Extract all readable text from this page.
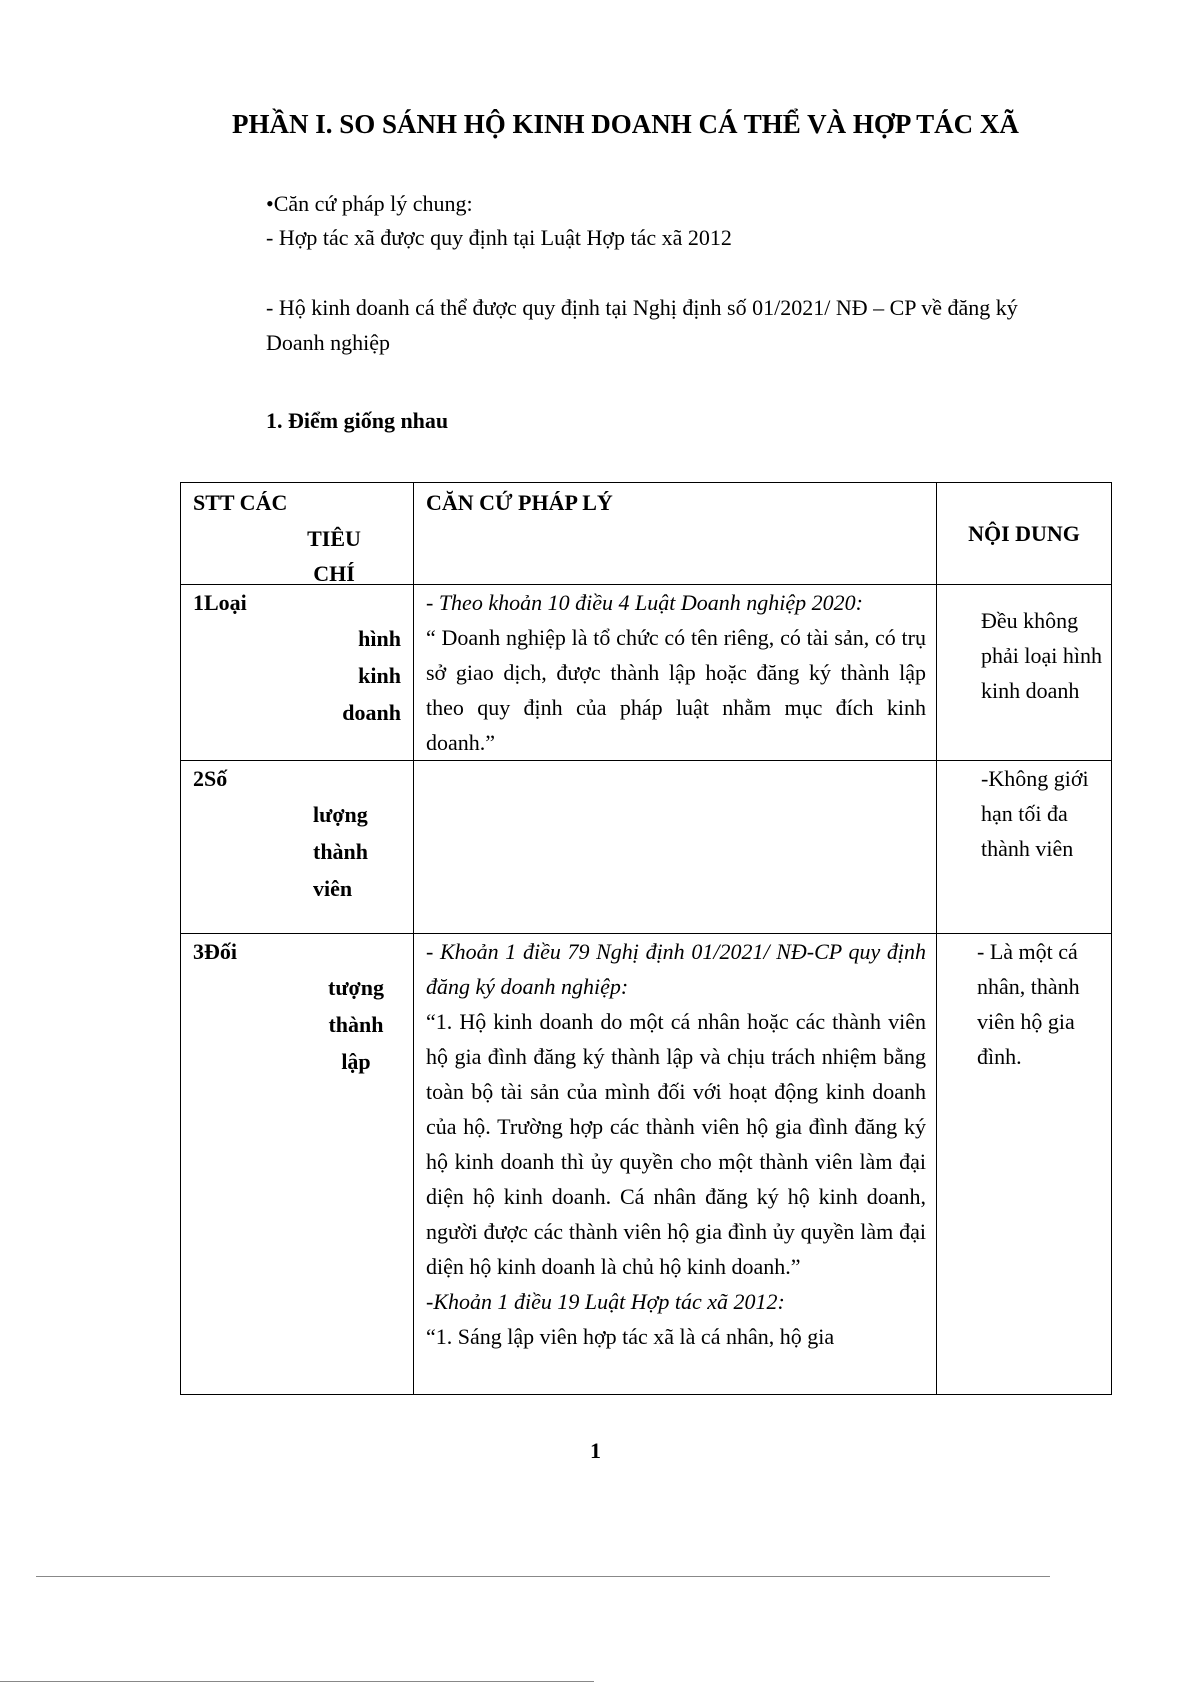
PHẦN I. SO SÁNH HỘ KINH DOANH CÁ THỂ VÀ HỢP TÁC XÃ
•Căn cứ pháp lý chung:
- Hợp tác xã được quy định tại Luật Hợp tác xã 2012
- Hộ kinh doanh cá thể được quy định tại Nghị định số 01/2021/ NĐ – CP về đăng ký Doanh nghiệp
1. Điểm giống nhau
STT CÁC
TIÊU CHÍ	CĂN CỨ PHÁP LÝ	NỘI DUNG

1Loại
hình kinh doanh	- Theo khoản 10 điều 4 Luật Doanh nghiệp 2020:
“ Doanh nghiệp là tổ chức có tên riêng, có tài sản, có trụ sở giao dịch, được thành lập hoặc đăng ký thành lập theo quy định của pháp luật nhằm mục đích kinh doanh.”	Đều không phải loại hình kinh doanh

2Số
lượng thành viên		-Không giới hạn tối đa thành viên

3Đối
tượng thành lập	- Khoản 1 điều 79 Nghị định 01/2021/ NĐ-CP quy định đăng ký doanh nghiệp:
“1. Hộ kinh doanh do một cá nhân hoặc các thành viên hộ gia đình đăng ký thành lập và chịu trách nhiệm bằng toàn bộ tài sản của mình đối với hoạt động kinh doanh của hộ. Trường hợp các thành viên hộ gia đình đăng ký hộ kinh doanh thì ủy quyền cho một thành viên làm đại diện hộ kinh doanh. Cá nhân đăng ký hộ kinh doanh, người được các thành viên hộ gia đình ủy quyền làm đại diện hộ kinh doanh là chủ hộ kinh doanh.”
-Khoản 1 điều 19 Luật Hợp tác xã 2012:
“1. Sáng lập viên hợp tác xã là cá nhân, hộ gia	- Là một cá nhân, thành viên hộ gia đình.
1
